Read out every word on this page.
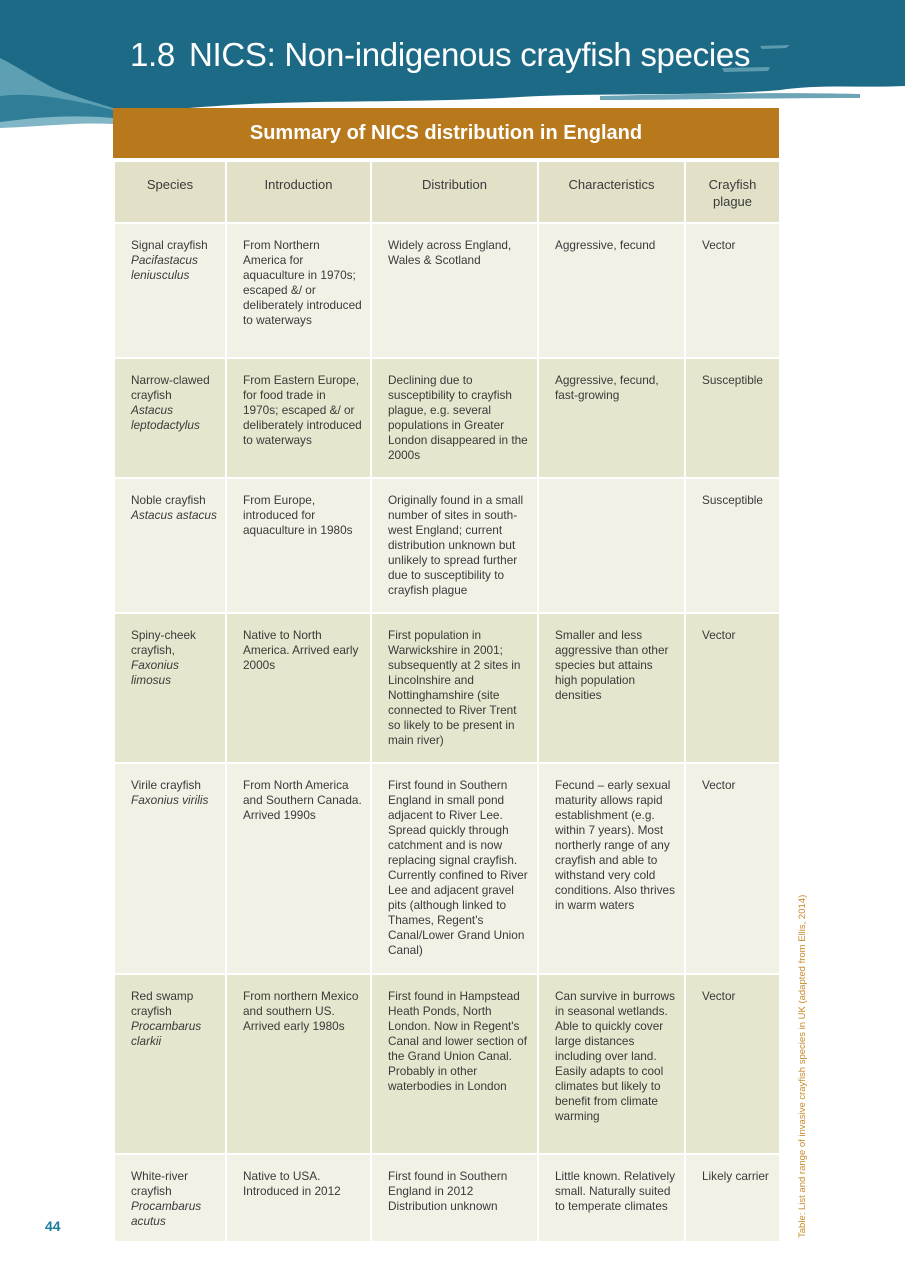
1.8 NICS: Non-indigenous crayfish species
Summary of NICS distribution in England
Species	Introduction	Distribution	Characteristics	Crayfish plague

Signal crayfish
Pacifastacus leniusculus	From Northern America for aquaculture in 1970s; escaped &/ or deliberately introduced to waterways	Widely across England, Wales & Scotland	Aggressive, fecund	Vector

Narrow-clawed crayfish
Astacus leptodactylus	From Eastern Europe, for food trade in 1970s; escaped &/ or deliberately introduced to waterways	Declining due to susceptibility to crayfish plague, e.g. several populations in Greater London disappeared in the 2000s	Aggressive, fecund, fast-growing	Susceptible

Noble crayfish
Astacus astacus	From Europe, introduced for aquaculture in 1980s	Originally found in a small number of sites in south-west England; current distribution unknown but unlikely to spread further due to susceptibility to crayfish plague		Susceptible

Spiny-cheek crayfish,
Faxonius limosus	Native to North America. Arrived early 2000s	First population in Warwickshire in 2001; subsequently at 2 sites in Lincolnshire and Nottinghamshire (site connected to River Trent so likely to be present in main river)	Smaller and less aggressive than other species but attains high population densities	Vector

Virile crayfish
Faxonius virilis	From North America and Southern Canada. Arrived 1990s	First found in Southern England in small pond adjacent to River Lee. Spread quickly through catchment and is now replacing signal crayfish. Currently confined to River Lee and adjacent gravel pits (although linked to Thames, Regent's Canal/Lower Grand Union Canal)	Fecund – early sexual maturity allows rapid establishment (e.g. within 7 years). Most northerly range of any crayfish and able to withstand very cold conditions. Also thrives in warm waters	Vector

Red swamp crayfish
Procambarus clarkii	From northern Mexico and southern US. Arrived early 1980s	First found in Hampstead Heath Ponds, North London. Now in Regent's Canal and lower section of the Grand Union Canal. Probably in other waterbodies in London	Can survive in burrows in seasonal wetlands. Able to quickly cover large distances including over land. Easily adapts to cool climates but likely to benefit from climate warming	Vector

White-river crayfish
Procambarus acutus	Native to USA. Introduced in 2012	First found in Southern England in 2012 Distribution unknown	Little known. Relatively small. Naturally suited to temperate climates	Likely carrier
44	Table: List and range of invasive crayfish species in UK (adapted from Ellis, 2014)
